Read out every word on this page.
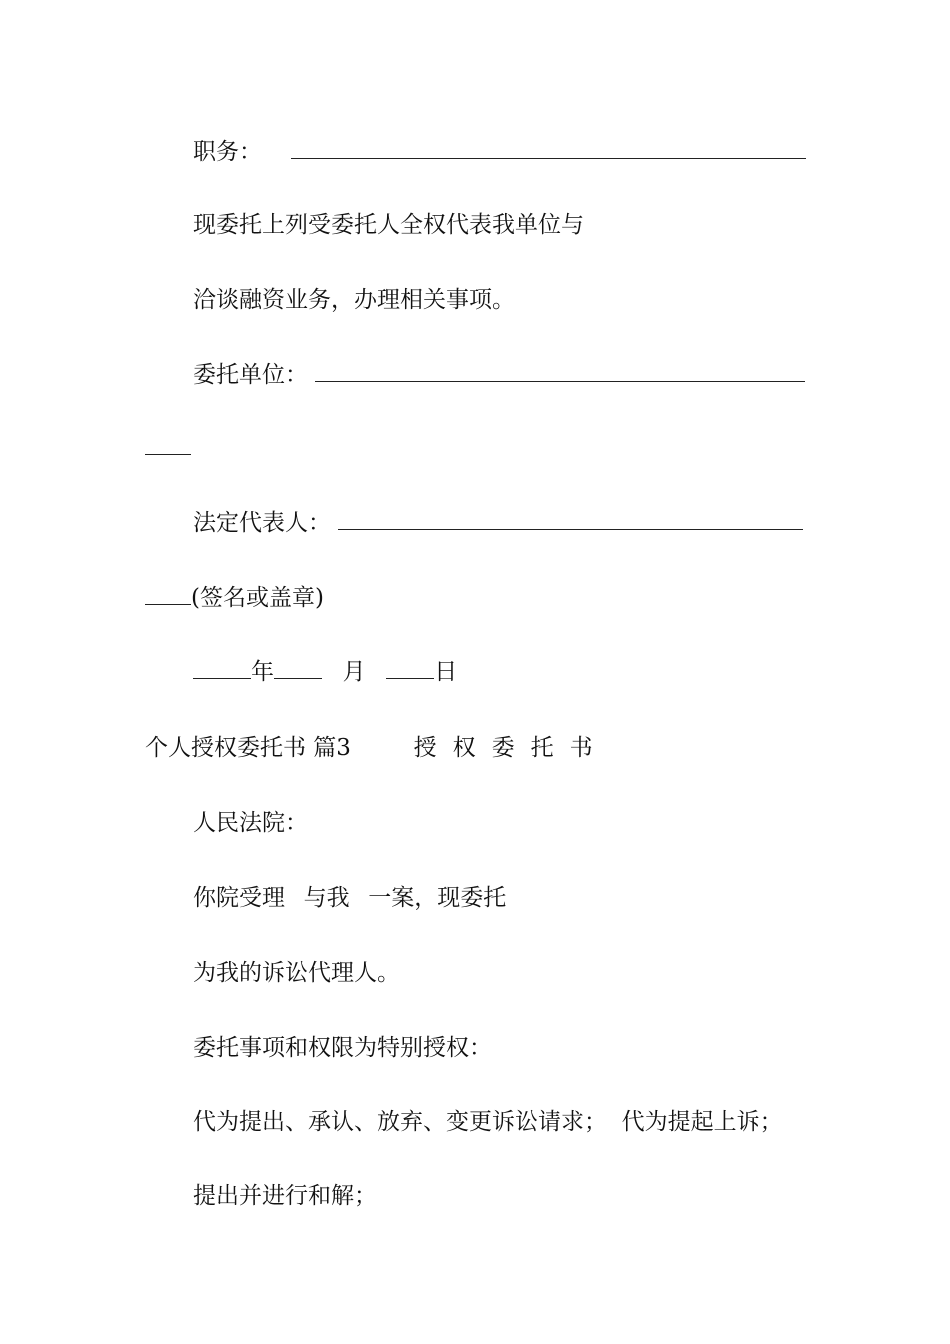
职务：
现委托上列受委托人全权代表我单位与
洽谈融资业务，办理相关事项。
委托单位：
法定代表人：
(签名或盖章)
年	月	日
个人授权委托书 篇3	授 权 委 托 书
人民法院：
你院受理 与我 一案，现委托
为我的诉讼代理人。
委托事项和权限为特别授权：
代为提出、承认、放弃、变更诉讼请求；  代为提起上诉；
提出并进行和解；
